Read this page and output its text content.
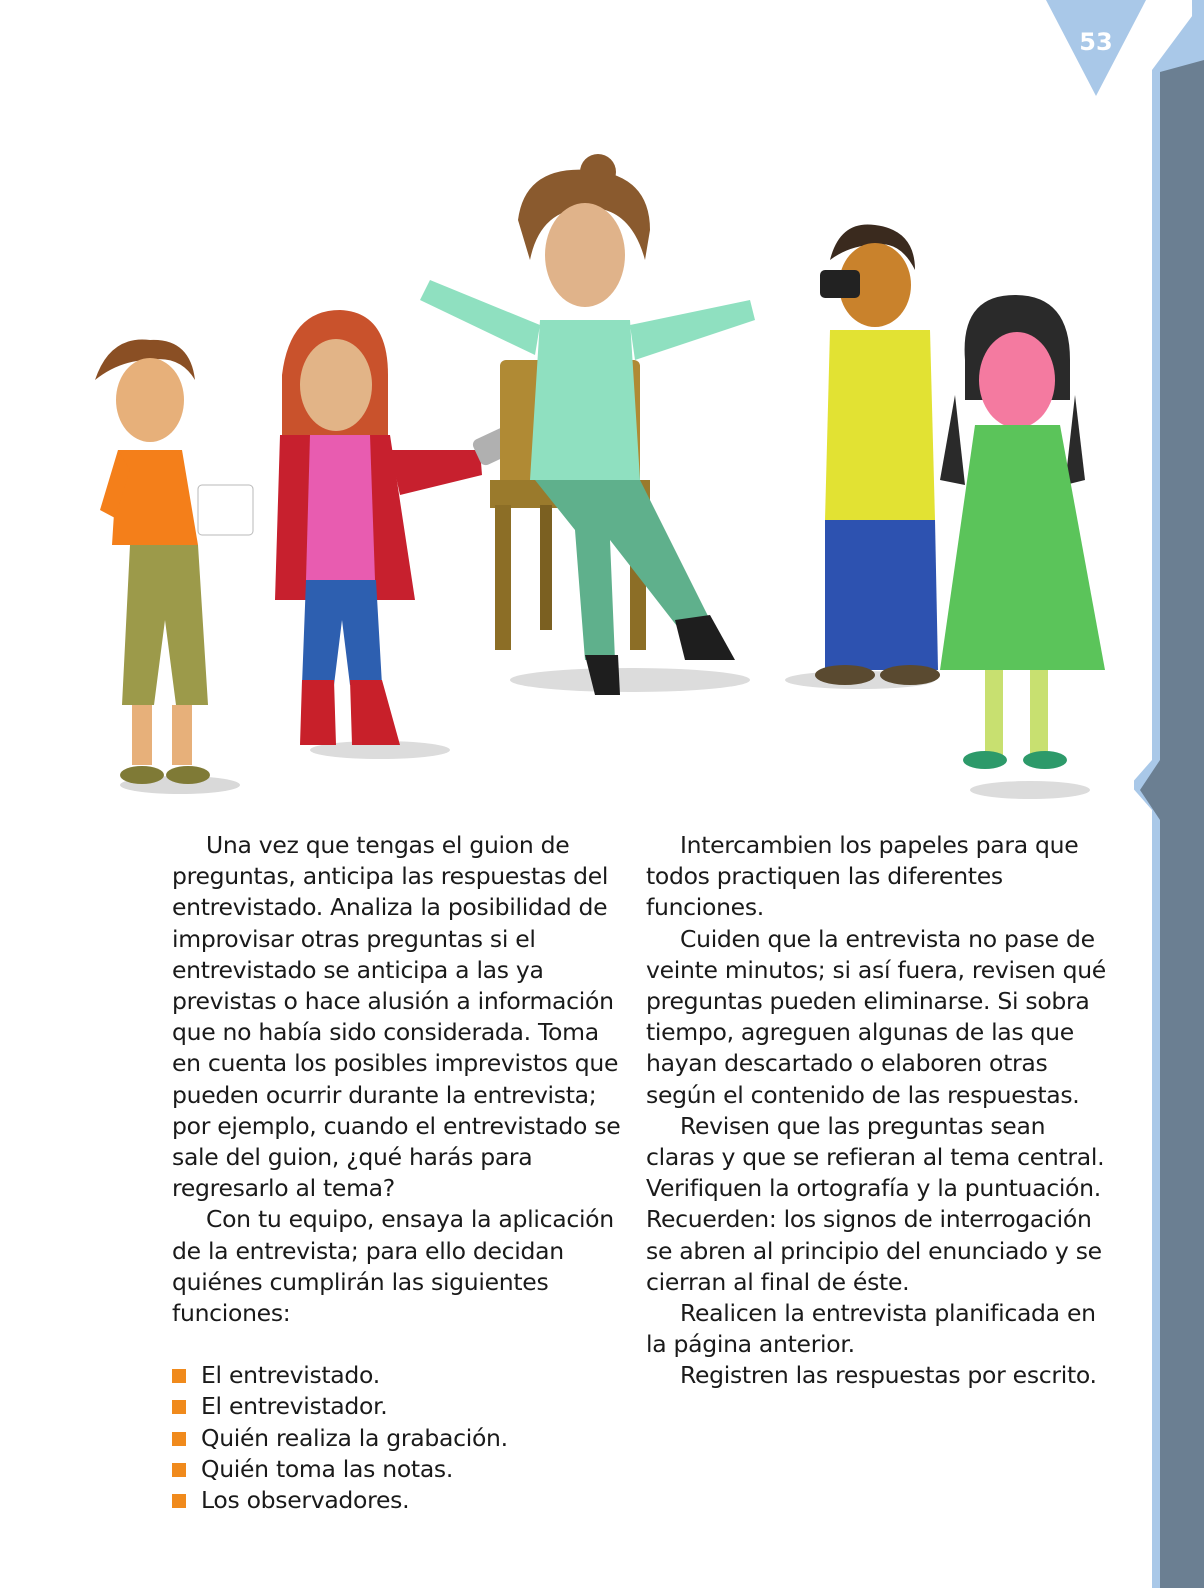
53

Una vez que tengas el guion de preguntas, anticipa las respuestas del entrevistado. Analiza la posibilidad de improvisar otras preguntas si el entrevistado se anticipa a las ya previstas o hace alusión a información que no había sido considerada. Toma en cuenta los posibles imprevistos que pueden ocurrir durante la entrevista; por ejemplo, cuando el entrevistado se sale del guion, ¿qué harás para regresarlo al tema?

Con tu equipo, ensaya la aplicación de la entrevista; para ello decidan quiénes cumplirán las siguientes funciones:

El entrevistado.
El entrevistador.
Quién realiza la grabación.
Quién toma las notas.
Los observadores.

Intercambien los papeles para que todos practiquen las diferentes funciones.

Cuiden que la entrevista no pase de veinte minutos; si así fuera, revisen qué preguntas pueden eliminarse. Si sobra tiempo, agreguen algunas de las que hayan descartado o elaboren otras según el contenido de las respuestas.

Revisen que las preguntas sean claras y que se refieran al tema central. Verifiquen la ortografía y la puntuación. Recuerden: los signos de interrogación se abren al principio del enunciado y se cierran al final de éste.

Realicen la entrevista planificada en la página anterior.

Registren las respuestas por escrito.
